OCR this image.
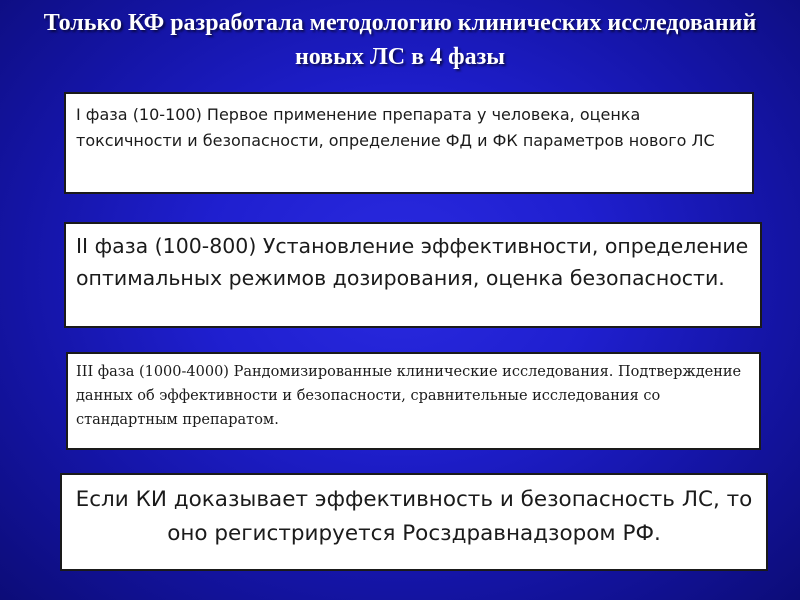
Только КФ разработала методологию клинических исследований
новых ЛС в 4 фазы
I фаза (10-100) Первое применение препарата у человека, оценка токсичности и безопасности, определение ФД и ФК параметров нового ЛС
II фаза (100-800) Установление эффективности, определение оптимальных режимов дозирования, оценка безопасности.
III фаза (1000-4000) Рандомизированные клинические исследования. Подтверждение данных об эффективности и безопасности, сравнительные исследования со стандартным препаратом.
Если КИ доказывает эффективность и безопасность ЛС, то оно регистрируется Росздравнадзором РФ.
